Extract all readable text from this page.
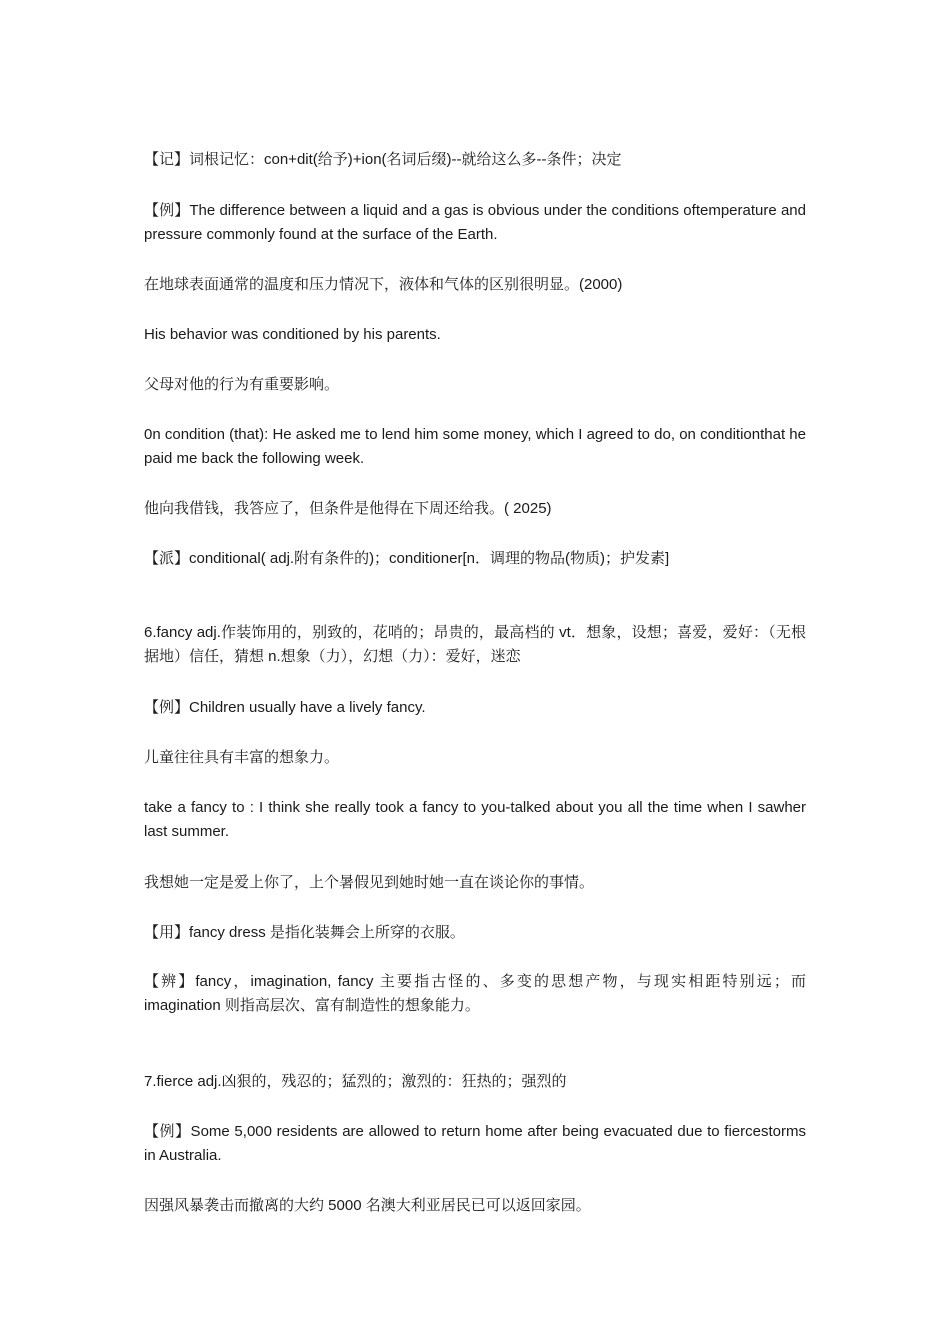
【记】词根记忆：con+dit(给予)+ion(名词后缀)--就给这么多--条件；决定

【例】The difference between a liquid and a gas is obvious under the conditions oftemperature and pressure commonly found at the surface of the Earth.

在地球表面通常的温度和压力情况下，液体和气体的区别很明显。(2000)

His behavior was conditioned by his parents.

父母对他的行为有重要影响。

0n condition (that): He asked me to lend him some money, which I agreed to do, on conditionthat he paid me back the following week.

他向我借钱，我答应了，但条件是他得在下周还给我。( 2025)

【派】conditional( adj.附有条件的)；conditioner[n．调理的物品(物质)；护发素]

6.fancy adj.作装饰用的，别致的，花哨的；昂贵的，最高档的 vt．想象，设想；喜爱，爱好：（无根据地）信任，猜想 n.想象（力），幻想（力）：爱好，迷恋

【例】Children usually have a lively fancy.

儿童往往具有丰富的想象力。

take a fancy to : I think she really took a fancy to you-talked about you all the time when I sawher last summer.

我想她一定是爱上你了，上个暑假见到她时她一直在谈论你的事情。

【用】fancy dress 是指化装舞会上所穿的衣服。

【辨】fancy，imagination, fancy 主要指古怪的、多变的思想产物，与现实相距特别远；而 imagination 则指高层次、富有制造性的想象能力。

7.fierce adj.凶狠的，残忍的；猛烈的；激烈的：狂热的；强烈的

【例】Some 5,000 residents are allowed to return home after being evacuated due to fiercestorms in Australia.

因强风暴袭击而撤离的大约 5000 名澳大利亚居民已可以返回家园。
